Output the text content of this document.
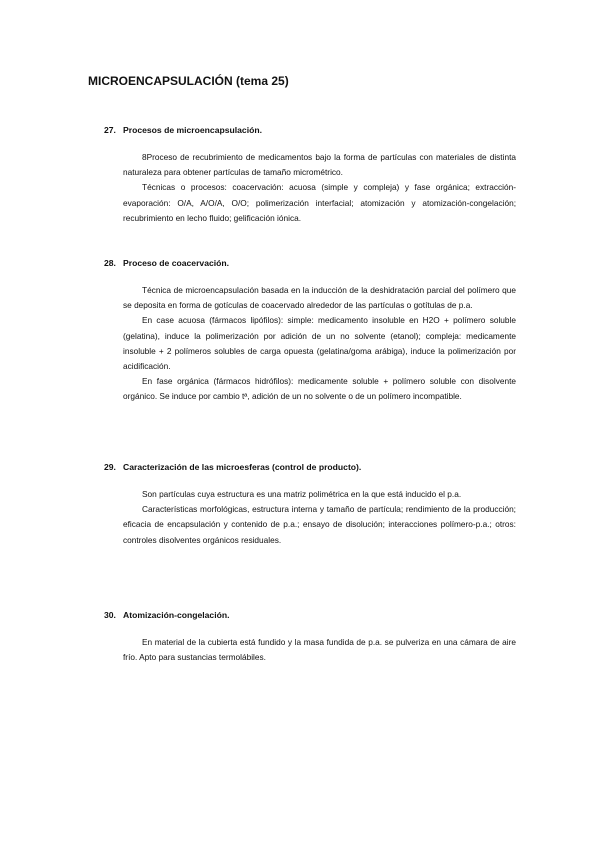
MICROENCAPSULACIÓN (tema 25)
27. Procesos de microencapsulación.

8Proceso de recubrimiento de medicamentos bajo la forma de partículas con materiales de distinta naturaleza para obtener partículas de tamaño micrométrico.

Técnicas o procesos: coacervación: acuosa (simple y compleja) y fase orgánica; extracción-evaporación: O/A, A/O/A, O/O; polimerización interfacial; atomización y atomización-congelación; recubrimiento en lecho fluido; gelificación iónica.

28. Proceso de coacervación.

Técnica de microencapsulación basada en la inducción de la deshidratación parcial del polímero que se deposita en forma de gotículas de coacervado alrededor de las partículas o gotítulas de p.a.

En case acuosa (fármacos lipófilos): simple: medicamento insoluble en H2O + polímero soluble (gelatina), induce la polimerización por adición de un no solvente (etanol); compleja: medicamente insoluble + 2 polímeros solubles de carga opuesta (gelatina/goma arábiga), induce la polimerización por acidificación.

En fase orgánica (fármacos hidrófilos): medicamente soluble + polímero soluble con disolvente orgánico. Se induce por cambio tª, adición de un no solvente o de un polímero incompatible.

29. Caracterización de las microesferas (control de producto).

Son partículas cuya estructura es una matriz polimétrica en la que está inducido el p.a.

Características morfológicas, estructura interna y tamaño de partícula; rendimiento de la producción; eficacia de encapsulación y contenido de p.a.; ensayo de disolución; interacciones polímero-p.a.; otros: controles disolventes orgánicos residuales.

30. Atomización-congelación.

En material de la cubierta está fundido y la masa fundida de p.a. se pulveriza en una cámara de aire frío. Apto para sustancias termolábiles.
